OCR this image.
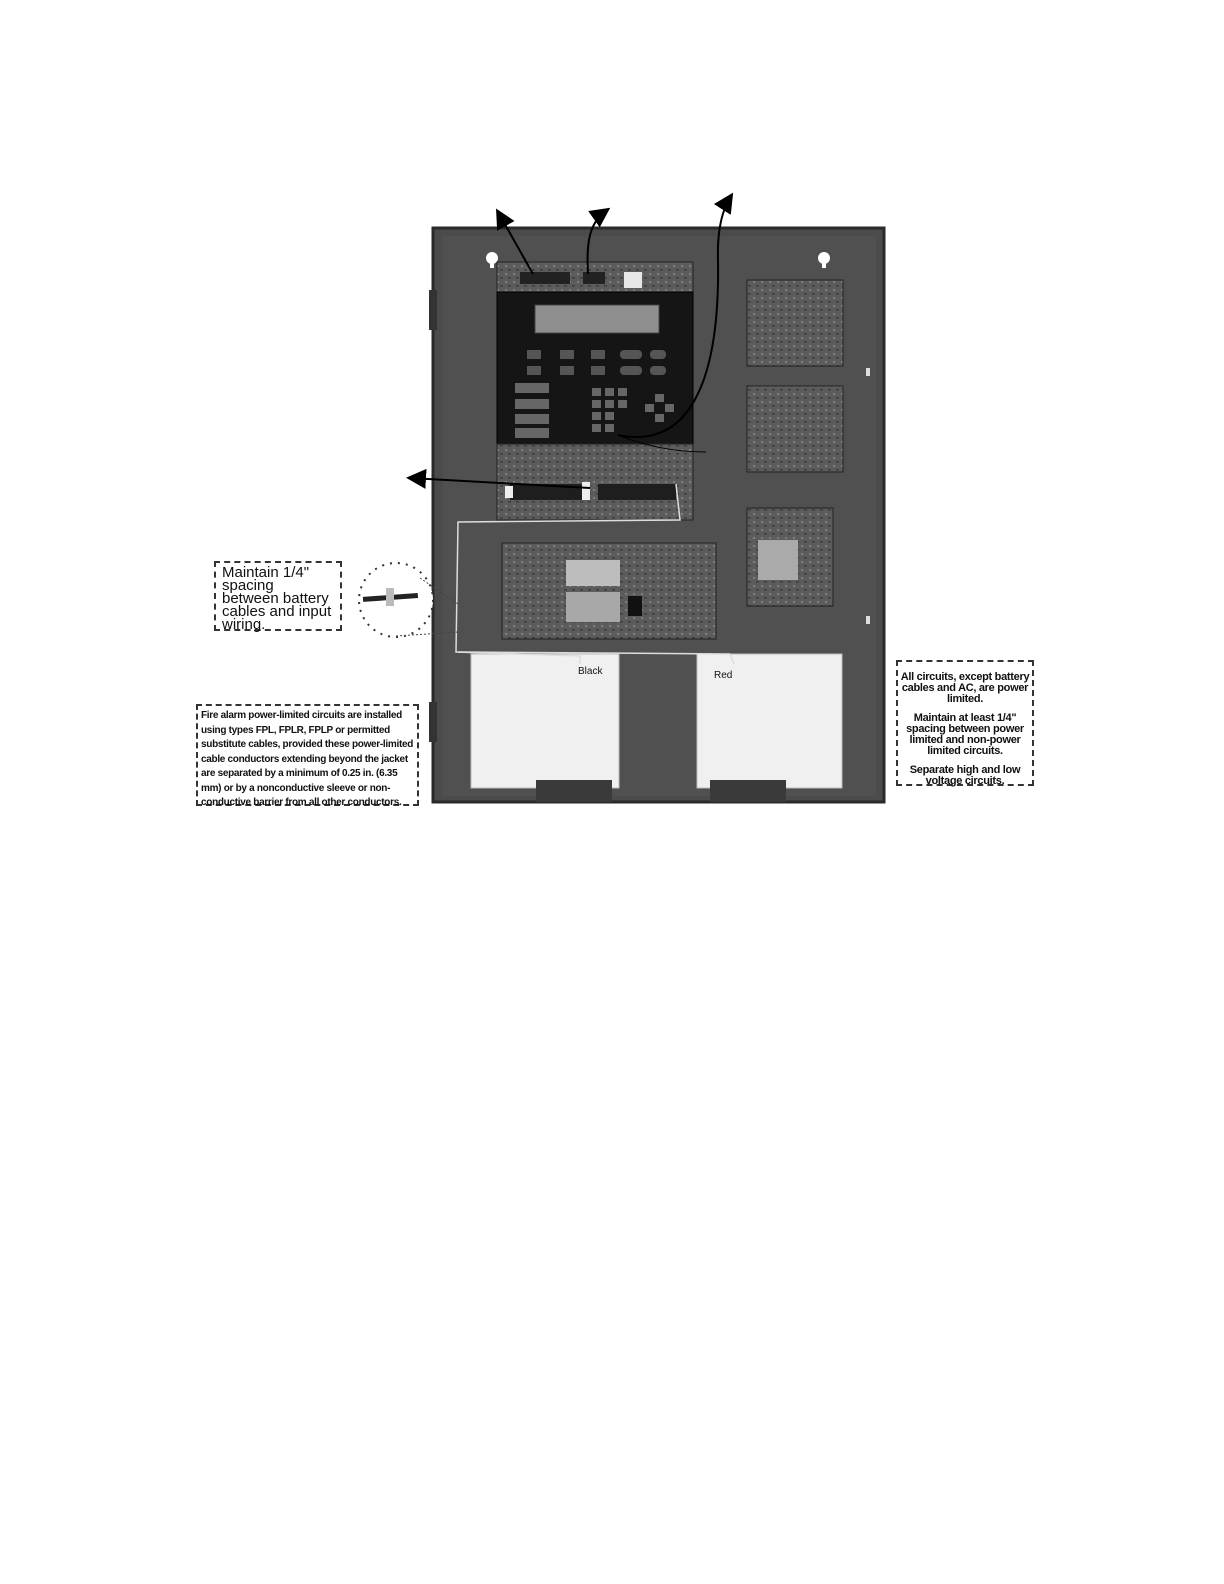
Maintain 1/4" spacing between battery cables and input wiring.
Fire alarm power-limited circuits are installed using types FPL, FPLR, FPLP or permitted substitute cables, provided these power-limited cable conductors extending beyond the jacket are separated by a minimum of 0.25 in. (6.35 mm) or by a nonconductive sleeve or non-conductive barrier from all other conductors.

All circuits, except battery cables and AC, are power limited.

Maintain at least 1/4" spacing between power limited and non-power limited circuits.

Separate high and low voltage circuits.

Black	Red
